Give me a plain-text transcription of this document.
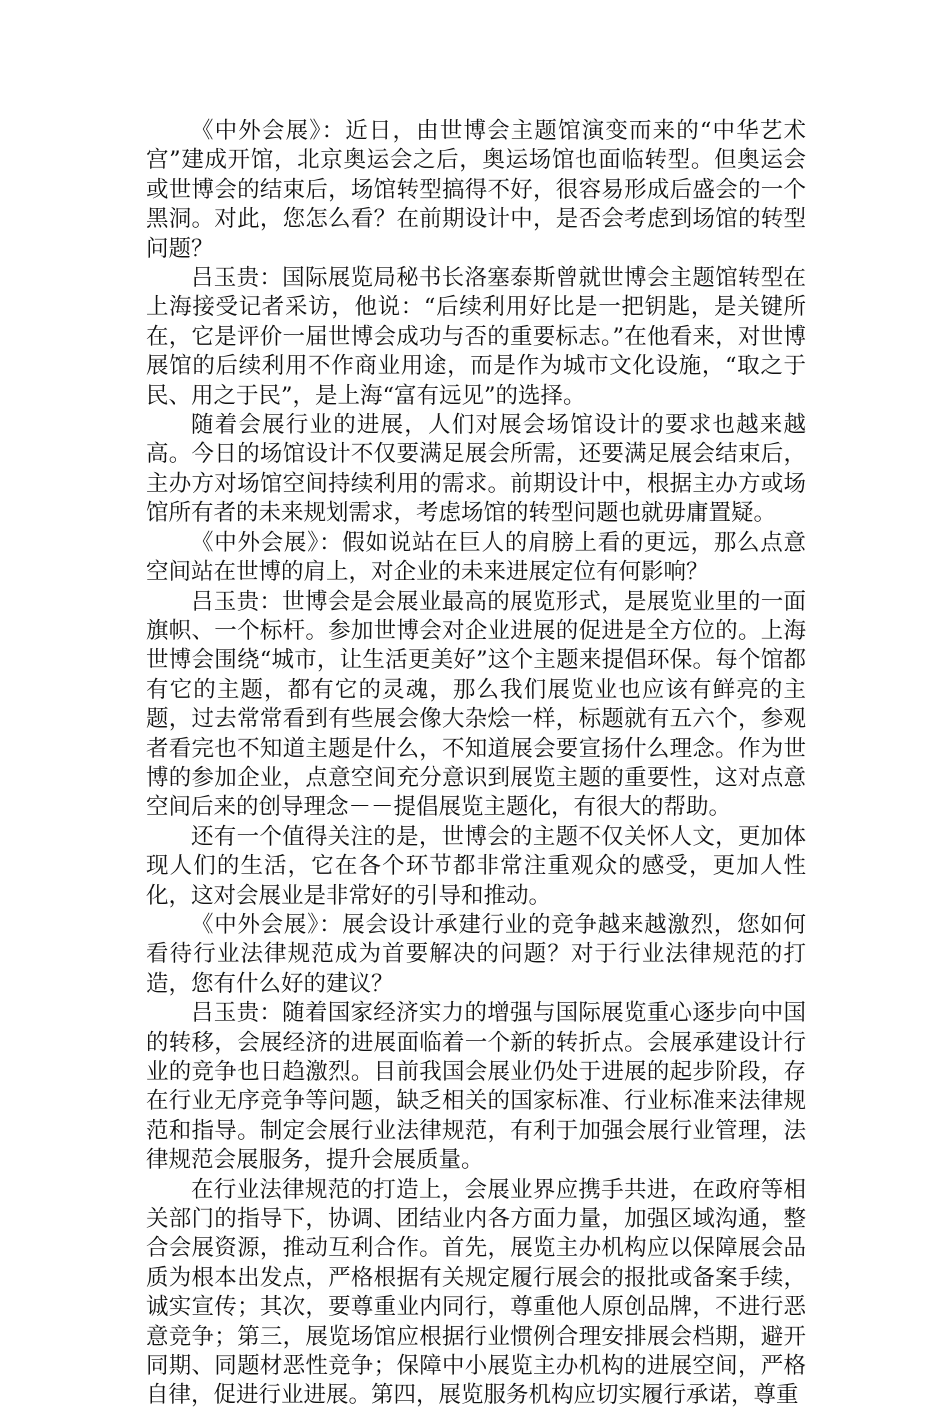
《中外会展》：近日，由世博会主题馆演变而来的“中华艺术宫”建成开馆，北京奥运会之后，奥运场馆也面临转型。但奥运会或世博会的结束后，场馆转型搞得不好，很容易形成后盛会的一个黑洞。对此，您怎么看？在前期设计中，是否会考虑到场馆的转型问题？

吕玉贵：国际展览局秘书长洛塞泰斯曾就世博会主题馆转型在上海接受记者采访，他说：“后续利用好比是一把钥匙，是关键所在，它是评价一届世博会成功与否的重要标志。”在他看来，对世博展馆的后续利用不作商业用途，而是作为城市文化设施，“取之于民、用之于民”，是上海“富有远见”的选择。

随着会展行业的进展，人们对展会场馆设计的要求也越来越高。今日的场馆设计不仅要满足展会所需，还要满足展会结束后，主办方对场馆空间持续利用的需求。前期设计中，根据主办方或场馆所有者的未来规划需求，考虑场馆的转型问题也就毋庸置疑。

《中外会展》：假如说站在巨人的肩膀上看的更远，那么点意空间站在世博的肩上，对企业的未来进展定位有何影响？

吕玉贵：世博会是会展业最高的展览形式，是展览业里的一面旗帜、一个标杆。参加世博会对企业进展的促进是全方位的。上海世博会围绕“城市，让生活更美好”这个主题来提倡环保。每个馆都有它的主题，都有它的灵魂，那么我们展览业也应该有鲜亮的主题，过去常常看到有些展会像大杂烩一样，标题就有五六个，参观者看完也不知道主题是什么，不知道展会要宣扬什么理念。作为世博的参加企业，点意空间充分意识到展览主题的重要性，这对点意空间后来的创导理念－－提倡展览主题化，有很大的帮助。

还有一个值得关注的是，世博会的主题不仅关怀人文，更加体现人们的生活，它在各个环节都非常注重观众的感受，更加人性化，这对会展业是非常好的引导和推动。

《中外会展》：展会设计承建行业的竞争越来越激烈，您如何看待行业法律规范成为首要解决的问题？对于行业法律规范的打造，您有什么好的建议？

吕玉贵：随着国家经济实力的增强与国际展览重心逐步向中国的转移，会展经济的进展面临着一个新的转折点。会展承建设计行业的竞争也日趋激烈。目前我国会展业仍处于进展的起步阶段，存在行业无序竞争等问题，缺乏相关的国家标准、行业标准来法律规范和指导。制定会展行业法律规范，有利于加强会展行业管理，法律规范会展服务，提升会展质量。

在行业法律规范的打造上，会展业界应携手共进，在政府等相关部门的指导下，协调、团结业内各方面力量，加强区域沟通，整合会展资源，推动互利合作。首先，展览主办机构应以保障展会品质为根本出发点，严格根据有关规定履行展会的报批或备案手续，诚实宣传；其次，要尊重业内同行，尊重他人原创品牌，不进行恶意竞争；第三，展览场馆应根据行业惯例合理安排展会档期，避开同期、同题材恶性竞争；保障中小展览主办机构的进展空间，严格自律，促进行业进展。第四，展览服务机构应切实履行承诺，尊重
